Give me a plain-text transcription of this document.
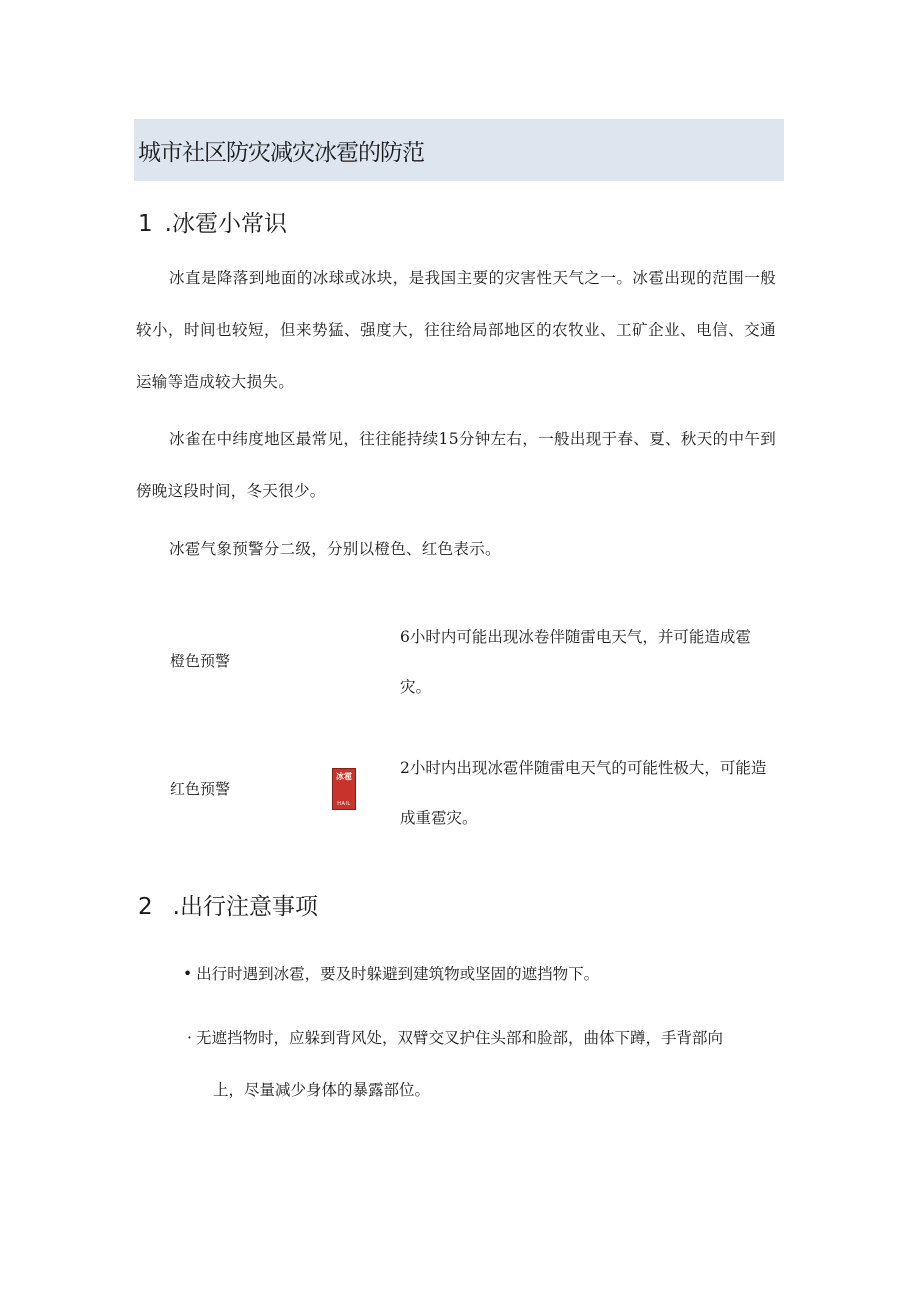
城市社区防灾减灾冰雹的防范
1 .冰雹小常识

冰直是降落到地面的冰球或冰块，是我国主要的灾害性天气之一。冰雹出现的范围一般较小，时间也较短，但来势猛、强度大，往往给局部地区的农牧业、工矿企业、电信、交通运输等造成较大损失。

冰雀在中纬度地区最常见，往往能持续15分钟左右，一般出现于春、夏、秋天的中午到傍晚这段时间，冬天很少。

冰雹气象预警分二级，分别以橙色、红色表示。

橙色预警

6小时内可能出现冰卷伴随雷电天气，并可能造成雹灾。

红色预警
冰雹
HAIL

2小时内出现冰雹伴随雷电天气的可能性极大，可能造成重雹灾。

2 .出行注意事项

• 出行时遇到冰雹，要及时躲避到建筑物或坚固的遮挡物下。

· 无遮挡物时，应躲到背风处，双臂交叉护住头部和脸部，曲体下蹲，手背部向

上，尽量减少身体的暴露部位。
